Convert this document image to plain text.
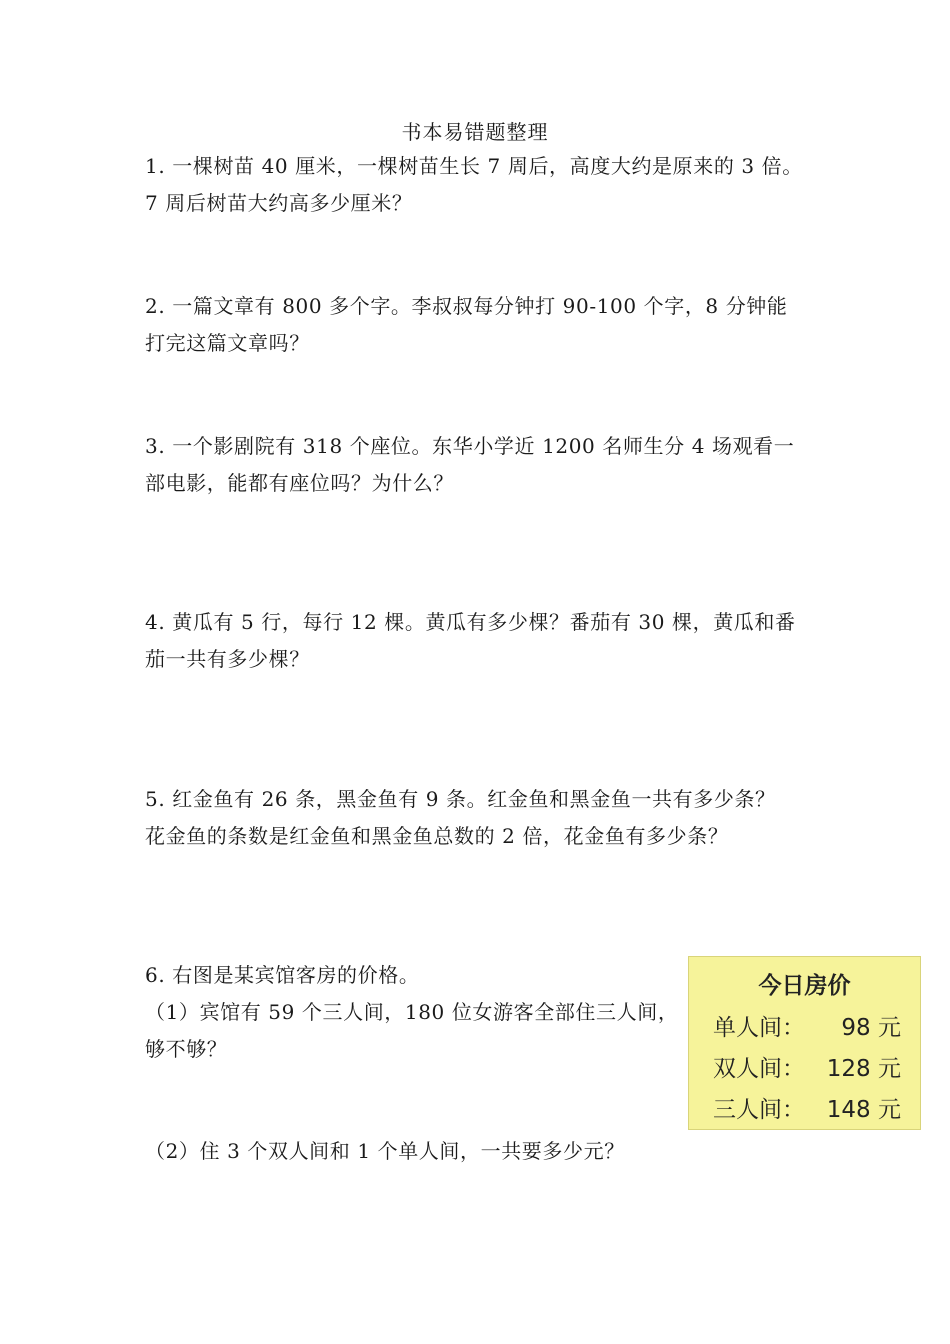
书本易错题整理

1. 一棵树苗 40 厘米，一棵树苗生长 7 周后，高度大约是原来的 3 倍。

7 周后树苗大约高多少厘米？

2. 一篇文章有 800 多个字。李叔叔每分钟打 90-100 个字，8 分钟能

打完这篇文章吗？

3. 一个影剧院有 318 个座位。东华小学近 1200 名师生分 4 场观看一

部电影，能都有座位吗？为什么？

4. 黄瓜有 5 行，每行 12 棵。黄瓜有多少棵？番茄有 30 棵，黄瓜和番

茄一共有多少棵？

5. 红金鱼有 26 条，黑金鱼有 9 条。红金鱼和黑金鱼一共有多少条？

花金鱼的条数是红金鱼和黑金鱼总数的 2 倍，花金鱼有多少条？

6. 右图是某宾馆客房的价格。

（1）宾馆有 59 个三人间，180 位女游客全部住三人间，

够不够？

（2）住 3 个双人间和 1 个单人间，一共要多少元？
今日房价
单人间： 98 元
双人间： 128 元
三人间： 148 元
